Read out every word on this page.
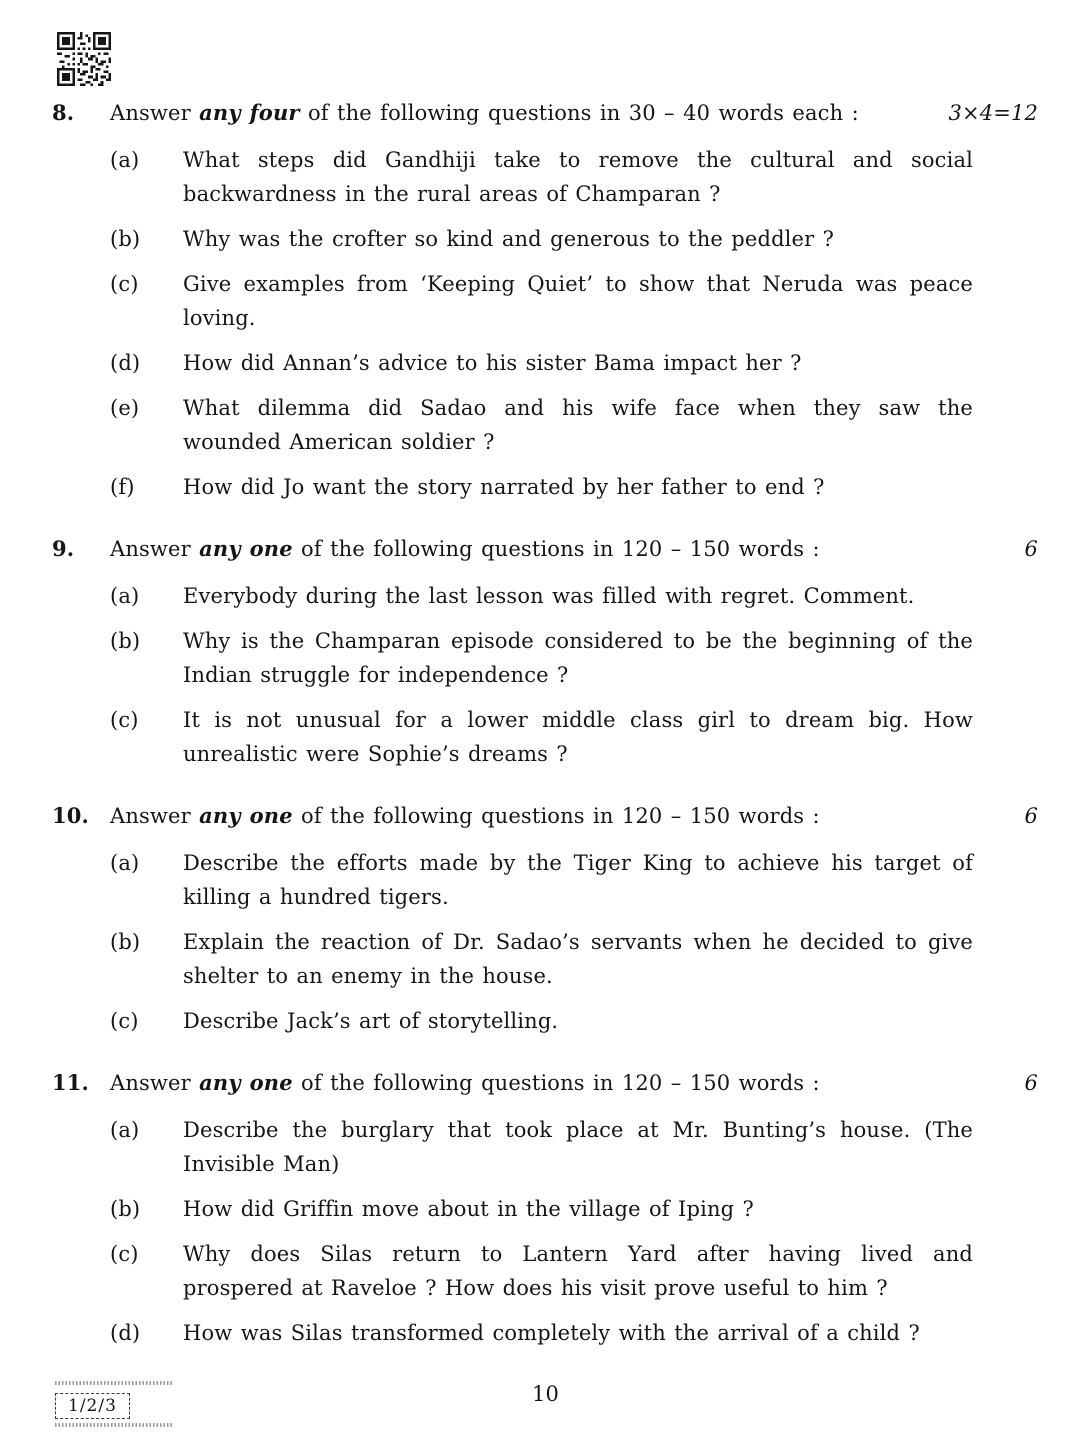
8.	Answer any four of the following questions in 30 – 40 words each :	3×4=12
(a)	What steps did Gandhiji take to remove the cultural and social backwardness in the rural areas of Champaran ?
(b)	Why was the crofter so kind and generous to the peddler ?
(c)	Give examples from ‘Keeping Quiet’ to show that Neruda was peace loving.
(d)	How did Annan’s advice to his sister Bama impact her ?
(e)	What dilemma did Sadao and his wife face when they saw the wounded American soldier ?
(f)	How did Jo want the story narrated by her father to end ?
9.	Answer any one of the following questions in 120 – 150 words :	6
(a)	Everybody during the last lesson was filled with regret. Comment.
(b)	Why is the Champaran episode considered to be the beginning of the Indian struggle for independence ?
(c)	It is not unusual for a lower middle class girl to dream big. How unrealistic were Sophie’s dreams ?
10.	Answer any one of the following questions in 120 – 150 words :	6
(a)	Describe the efforts made by the Tiger King to achieve his target of killing a hundred tigers.
(b)	Explain the reaction of Dr. Sadao’s servants when he decided to give shelter to an enemy in the house.
(c)	Describe Jack’s art of storytelling.
11.	Answer any one of the following questions in 120 – 150 words :	6
(a)	Describe the burglary that took place at Mr. Bunting’s house. (The Invisible Man)
(b)	How did Griffin move about in the village of Iping ?
(c)	Why does Silas return to Lantern Yard after having lived and prospered at Raveloe ? How does his visit prove useful to him ?
(d)	How was Silas transformed completely with the arrival of a child ?
1/2/3	10
